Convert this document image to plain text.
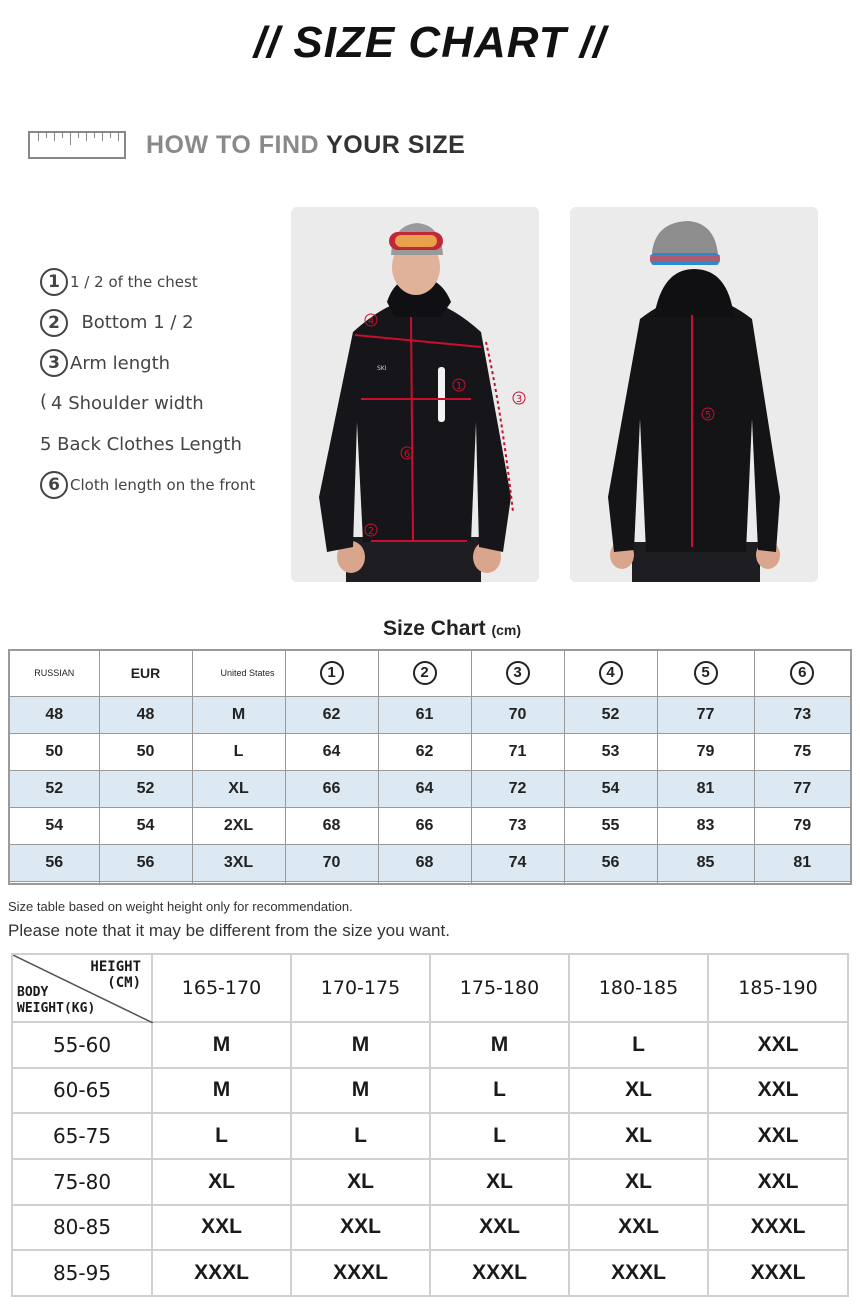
// SIZE CHART //
HOW TO FIND YOUR SIZE
1 1 / 2 of the chest
2 Bottom 1 / 2
3 Arm length
( 4 Shoulder width
5 Back Clothes Length
6 Cloth length on the front
SKI
4
3
1
6
2
5
Size Chart (cm)
RUSSIAN	EUR	United States	1	2	3	4	5	6
48	48	M	62	61	70	52	77	73
50	50	L	64	62	71	53	79	75
52	52	XL	66	64	72	54	81	77
54	54	2XL	68	66	73	55	83	79
56	56	3XL	70	68	74	56	85	81

Size table based on weight height only for recommendation.
Please note that it may be different from the size you want.
HEIGHT
(CM)
BODY
WEIGHT(KG)	165-170	170-175	175-180	180-185	185-190
55-60	M	M	M	L	XXL
60-65	M	M	L	XL	XXL
65-75	L	L	L	XL	XXL
75-80	XL	XL	XL	XL	XXL
80-85	XXL	XXL	XXL	XXL	XXXL
85-95	XXXL	XXXL	XXXL	XXXL	XXXL
